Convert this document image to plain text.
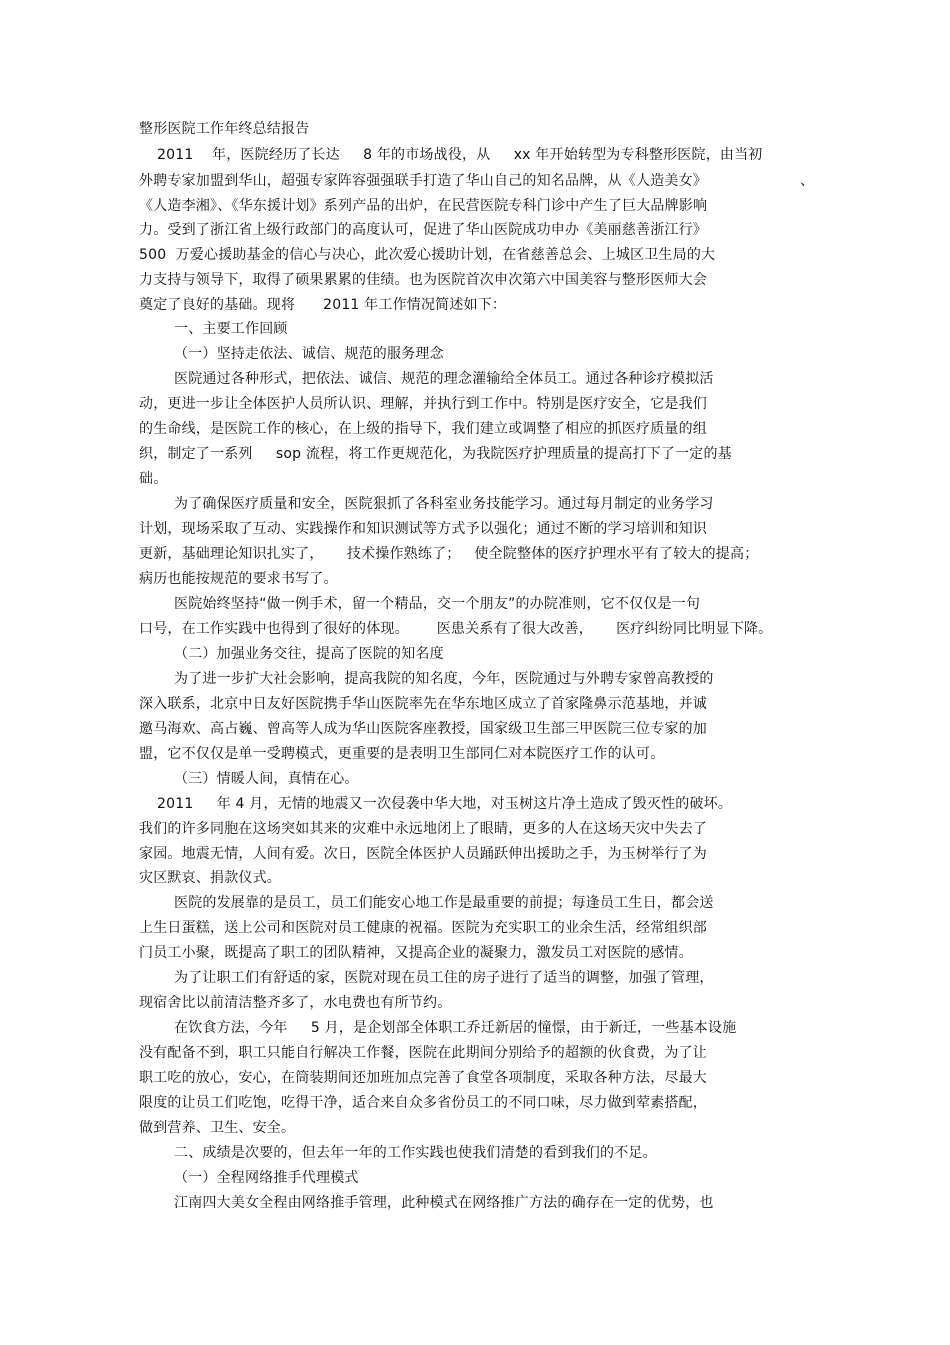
整形医院工作年终总结报告
2011    年，医院经历了长达     8 年的市场战役，从     xx 年开始转型为专科整形医院，由当初
外聘专家加盟到华山，超强专家阵容强强联手打造了华山自己的知名品牌，从《人造美女》                    、
《人造李湘》、《华东援计划》系列产品的出炉，在民营医院专科门诊中产生了巨大品牌影响
力。受到了浙江省上级行政部门的高度认可，促进了华山医院成功申办《美丽慈善浙江行》
500  万爱心援助基金的信心与决心，此次爱心援助计划，在省慈善总会、上城区卫生局的大
力支持与领导下，取得了硕果累累的佳绩。也为医院首次申次第六中国美容与整形医师大会
奠定了良好的基础。现将      2011 年工作情况简述如下：
一、主要工作回顾
（一）坚持走依法、诚信、规范的服务理念
医院通过各种形式，把依法、诚信、规范的理念灌输给全体员工。通过各种诊疗模拟活
动，更进一步让全体医护人员所认识、理解，并执行到工作中。特别是医疗安全，它是我们
的生命线，是医院工作的核心，在上级的指导下，我们建立或调整了相应的抓医疗质量的组
织，制定了一系列     sop 流程，将工作更规范化，为我院医疗护理质量的提高打下了一定的基
础。
为了确保医疗质量和安全，医院狠抓了各科室业务技能学习。通过每月制定的业务学习
计划，现场采取了互动、实践操作和知识测试等方式予以强化；通过不断的学习培训和知识
更新，基础理论知识扎实了，     技术操作熟练了；   使全院整体的医疗护理水平有了较大的提高；
病历也能按规范的要求书写了。
医院始终坚持“做一例手术，留一个精品，交一个朋友”的办院准则，它不仅仅是一句
口号，在工作实践中也得到了很好的体现。      医患关系有了很大改善，     医疗纠纷同比明显下降。
（二）加强业务交往，提高了医院的知名度
为了进一步扩大社会影响，提高我院的知名度，今年，医院通过与外聘专家曾高教授的
深入联系，北京中日友好医院携手华山医院率先在华东地区成立了首家隆鼻示范基地，并诚
邀马海欢、高占巍、曾高等人成为华山医院客座教授，国家级卫生部三甲医院三位专家的加
盟，它不仅仅是单一受聘模式，更重要的是表明卫生部同仁对本院医疗工作的认可。
（三）情暖人间，真情在心。
2011     年 4 月，无情的地震又一次侵袭中华大地，对玉树这片净土造成了毁灭性的破坏。
我们的许多同胞在这场突如其来的灾难中永远地闭上了眼睛，更多的人在这场天灾中失去了
家园。地震无情，人间有爱。次日，医院全体医护人员踊跃伸出援助之手，为玉树举行了为
灾区默哀、捐款仪式。
医院的发展靠的是员工，员工们能安心地工作是最重要的前提；每逢员工生日，都会送
上生日蛋糕，送上公司和医院对员工健康的祝福。医院为充实职工的业余生活，经常组织部
门员工小聚，既提高了职工的团队精神，又提高企业的凝聚力，激发员工对医院的感情。
为了让职工们有舒适的家，医院对现在员工住的房子进行了适当的调整，加强了管理，
现宿舍比以前清洁整齐多了，水电费也有所节约。
在饮食方法，今年     5 月，是企划部全体职工乔迁新居的憧憬，由于新迁，一些基本设施
没有配备不到，职工只能自行解决工作餐，医院在此期间分别给予的超额的伙食费，为了让
职工吃的放心，安心，在筒装期间还加班加点完善了食堂各项制度，采取各种方法，尽最大
限度的让员工们吃饱，吃得干净，适合来自众多省份员工的不同口味，尽力做到荤素搭配，
做到营养、卫生、安全。
二、成绩是次要的，但去年一年的工作实践也使我们清楚的看到我们的不足。
（一）全程网络推手代理模式
江南四大美女全程由网络推手管理，此种模式在网络推广方法的确存在一定的优势，也
